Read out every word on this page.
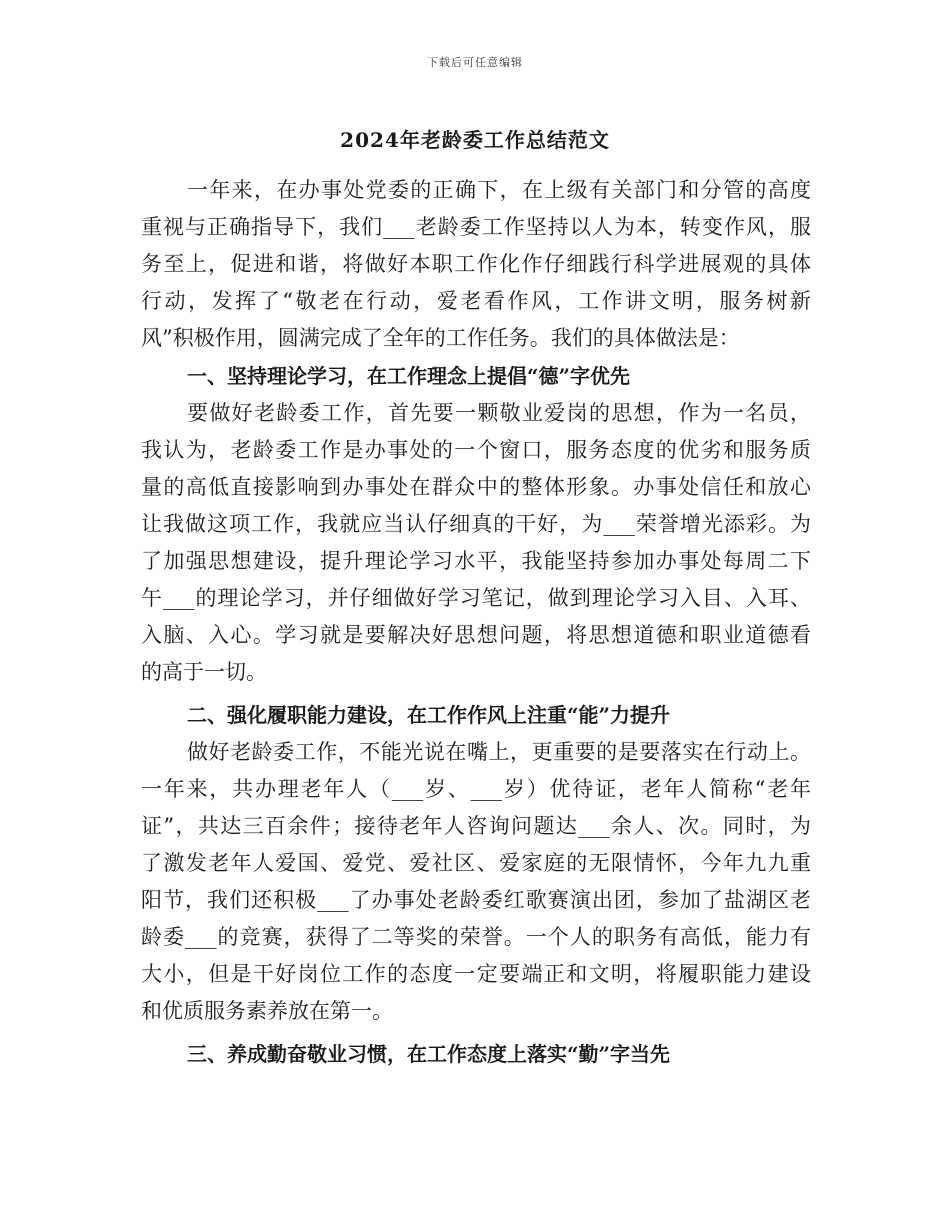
下载后可任意编辑
2024年老龄委工作总结范文
一年来，在办事处党委的正确下，在上级有关部门和分管的高度
重视与正确指导下，我们___老龄委工作坚持以人为本，转变作风，服
务至上，促进和谐，将做好本职工作化作仔细践行科学进展观的具体
行动，发挥了“敬老在行动，爱老看作风，工作讲文明，服务树新
风”积极作用，圆满完成了全年的工作任务。我们的具体做法是：
一、坚持理论学习，在工作理念上提倡“德”字优先
要做好老龄委工作，首先要一颗敬业爱岗的思想，作为一名员，
我认为，老龄委工作是办事处的一个窗口，服务态度的优劣和服务质
量的高低直接影响到办事处在群众中的整体形象。办事处信任和放心
让我做这项工作，我就应当认仔细真的干好，为___荣誉增光添彩。为
了加强思想建设，提升理论学习水平，我能坚持参加办事处每周二下
午___的理论学习，并仔细做好学习笔记，做到理论学习入目、入耳、
入脑、入心。学习就是要解决好思想问题，将思想道德和职业道德看
的高于一切。
二、强化履职能力建设，在工作作风上注重“能”力提升
做好老龄委工作，不能光说在嘴上，更重要的是要落实在行动上。
一年来，共办理老年人（___岁、___岁）优待证，老年人简称“老年
证”，共达三百余件；接待老年人咨询问题达___余人、次。同时，为
了激发老年人爱国、爱党、爱社区、爱家庭的无限情怀，今年九九重
阳节，我们还积极___了办事处老龄委红歌赛演出团，参加了盐湖区老
龄委___的竞赛，获得了二等奖的荣誉。一个人的职务有高低，能力有
大小，但是干好岗位工作的态度一定要端正和文明，将履职能力建设
和优质服务素养放在第一。
三、养成勤奋敬业习惯，在工作态度上落实“勤”字当先
